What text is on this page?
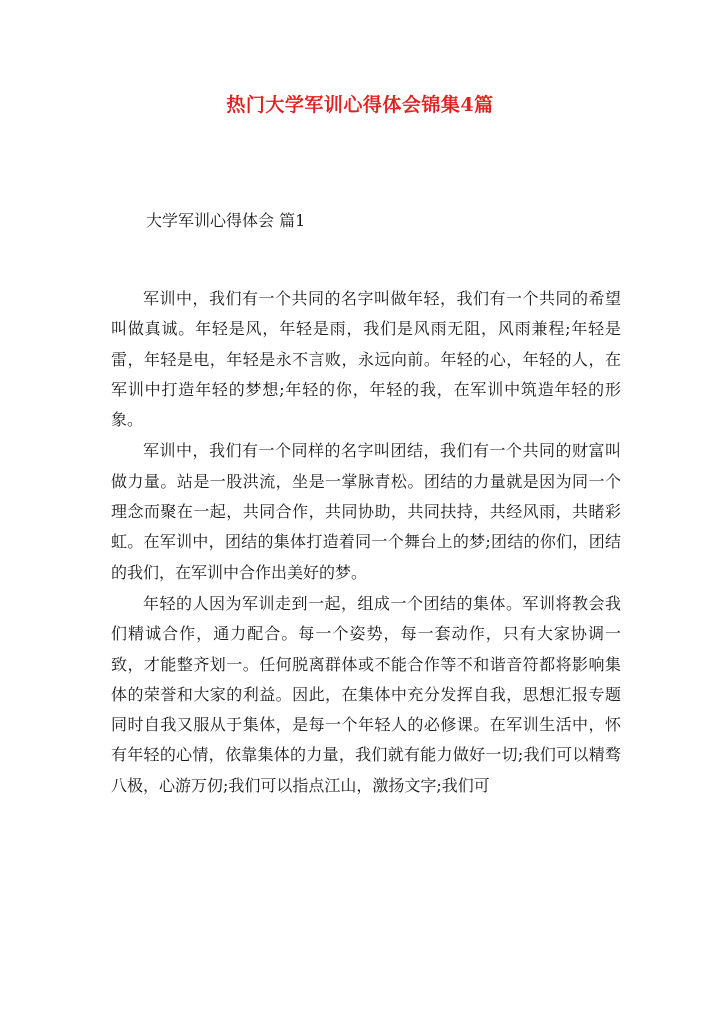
热门大学军训心得体会锦集4篇
大学军训心得体会 篇1

军训中，我们有一个共同的名字叫做年轻，我们有一个共同的希望叫做真诚。年轻是风，年轻是雨，我们是风雨无阻，风雨兼程;年轻是雷，年轻是电，年轻是永不言败，永远向前。年轻的心，年轻的人，在军训中打造年轻的梦想;年轻的你，年轻的我，在军训中筑造年轻的形象。

军训中，我们有一个同样的名字叫团结，我们有一个共同的财富叫做力量。站是一股洪流，坐是一掌脉青松。团结的力量就是因为同一个理念而聚在一起，共同合作，共同协助，共同扶持，共经风雨，共睹彩虹。在军训中，团结的集体打造着同一个舞台上的梦;团结的你们，团结的我们，在军训中合作出美好的梦。

年轻的人因为军训走到一起，组成一个团结的集体。军训将教会我们精诚合作，通力配合。每一个姿势，每一套动作，只有大家协调一致，才能整齐划一。任何脱离群体或不能合作等不和谐音符都将影响集体的荣誉和大家的利益。因此，在集体中充分发挥自我，思想汇报专题同时自我又服从于集体，是每一个年轻人的必修课。在军训生活中，怀有年轻的心情，依靠集体的力量，我们就有能力做好一切;我们可以精骛八极，心游万仞;我们可以指点江山，激扬文字;我们可
